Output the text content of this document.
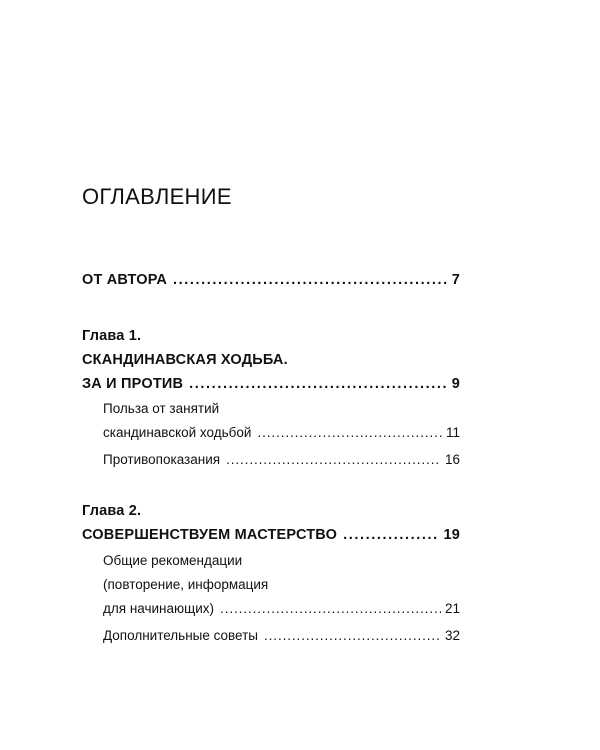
ОГЛАВЛЕНИЕ
ОТ АВТОРА .....	7
Глава 1.
СКАНДИНАВСКАЯ ХОДЬБА.
ЗА И ПРОТИВ .....	9
Польза от занятий
скандинавской ходьбой .....	11
Противопоказания .....	16
Глава 2.
СОВЕРШЕНСТВУЕМ МАСТЕРСТВО .....	19
Общие рекомендации
(повторение, информация
для начинающих) .....	21
Дополнительные советы .....	32
